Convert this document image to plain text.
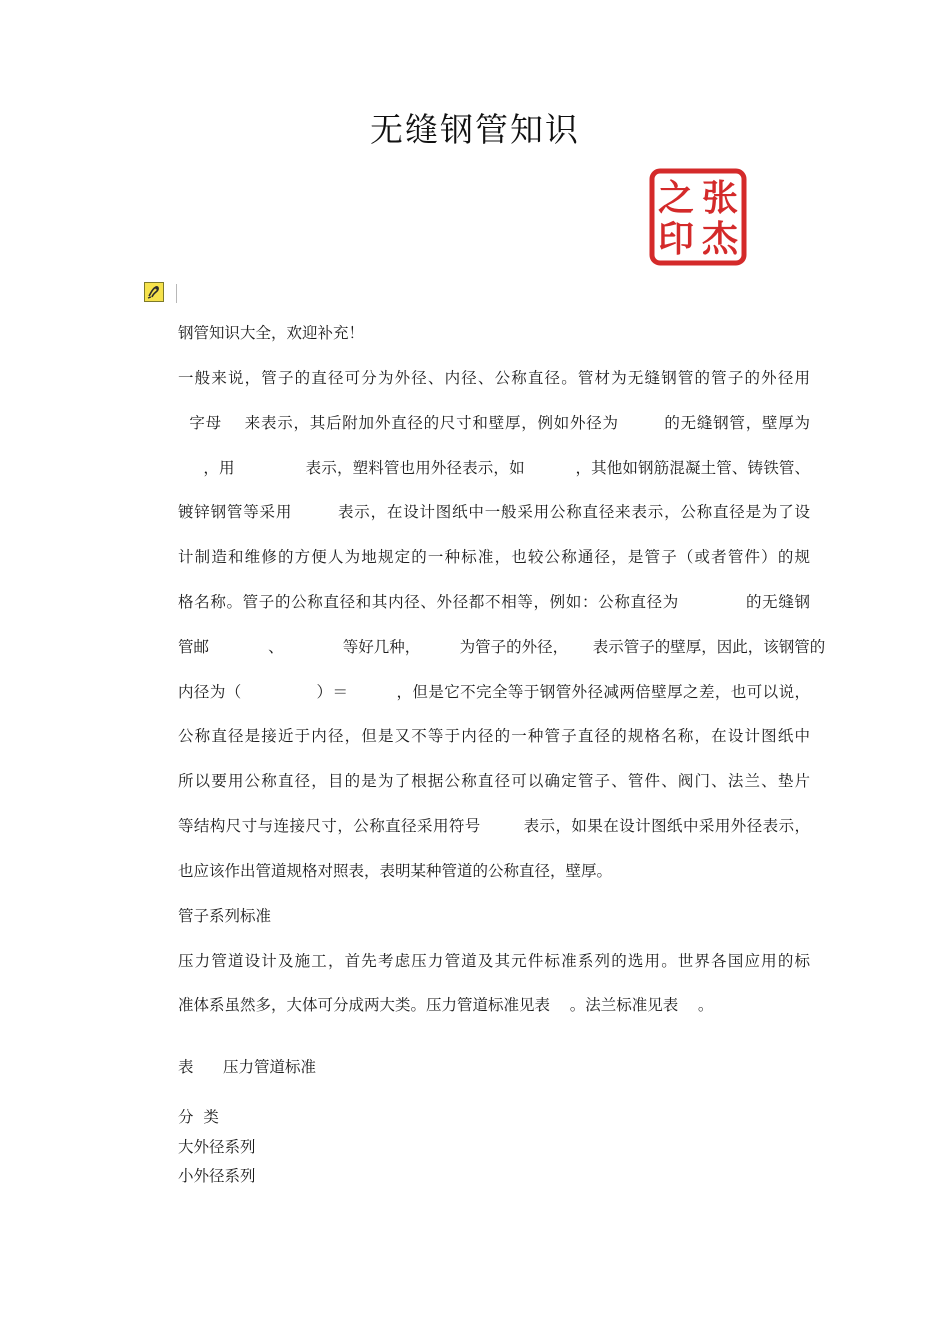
无缝钢管知识
之 张
印 杰
钢管知识大全，欢迎补充！
一般来说，管子的直径可分为外径、内径、公称直径。管材为无缝钢管的管子的外径用
字母    来表示，其后附加外直径的尺寸和壁厚，例如外径为        的无缝钢管，壁厚为
，用              表示，塑料管也用外径表示，如          ，其他如钢筋混凝土管、铸铁管、
镀锌钢管等采用        表示，在设计图纸中一般采用公称直径来表示，公称直径是为了设
计制造和维修的方便人为地规定的一种标准，也较公称通径，是管子（或者管件）的规
格名称。管子的公称直径和其内径、外径都不相等，例如：公称直径为            的无缝钢
管邮            、            等好几种，        为管子的外径，     表示管子的壁厚，因此，该钢管的
内径为（              ）＝         ，但是它不完全等于钢管外径减两倍壁厚之差，也可以说，
公称直径是接近于内径，但是又不等于内径的一种管子直径的规格名称，在设计图纸中
所以要用公称直径，目的是为了根据公称直径可以确定管子、管件、阀门、法兰、垫片
等结构尺寸与连接尺寸，公称直径采用符号        表示，如果在设计图纸中采用外径表示，
也应该作出管道规格对照表，表明某种管道的公称直径，壁厚。
管子系列标准
压力管道设计及施工，首先考虑压力管道及其元件标准系列的选用。世界各国应用的标
准体系虽然多，大体可分成两大类。压力管道标准见表    。法兰标准见表    。
表      压力管道标准
分  类
大外径系列
小外径系列
